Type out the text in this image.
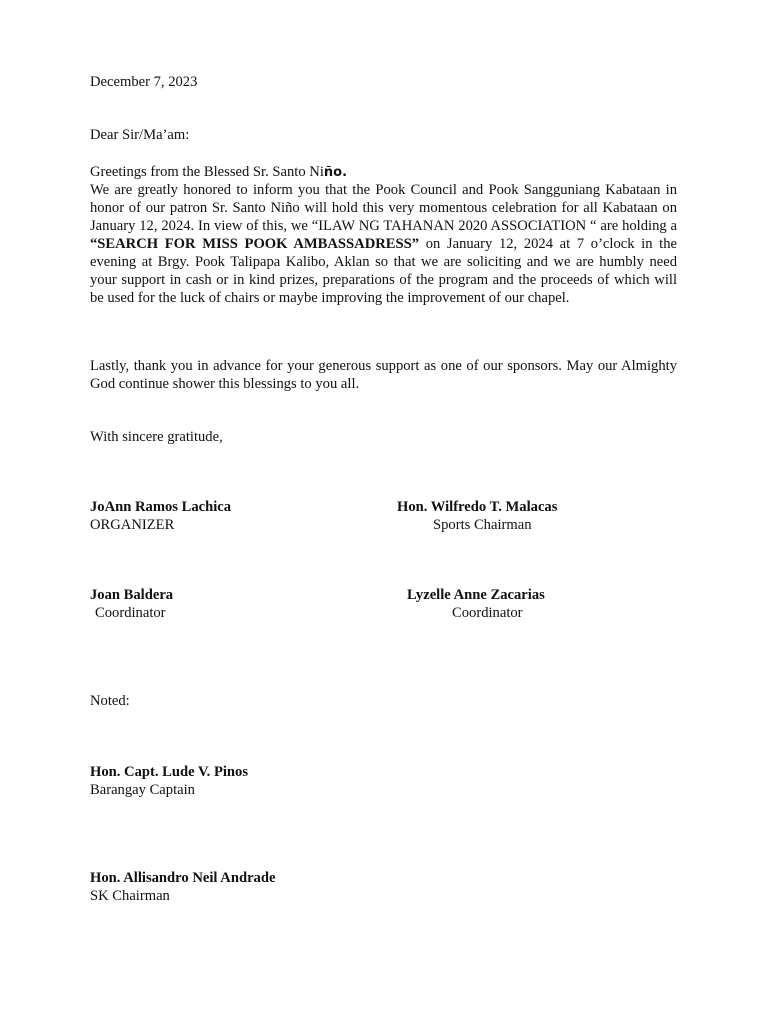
December 7, 2023
Dear Sir/Ma’am:
Greetings from the Blessed Sr. Santo Niño.
We are greatly honored to inform you that the Pook Council and Pook Sangguniang Kabataan in honor of our patron Sr. Santo Niño will hold this very momentous celebration for all Kabataan on January 12, 2024. In view of this, we “ILAW NG TAHANAN 2020 ASSOCIATION “ are holding a “SEARCH FOR MISS POOK AMBASSADRESS” on January 12, 2024 at 7 o’clock in the evening at Brgy. Pook Talipapa Kalibo, Aklan so that we are soliciting and we are humbly need your support in cash or in kind prizes, preparations of the program and the proceeds of which will be used for the luck of chairs or maybe improving the improvement of our chapel.
Lastly, thank you in advance for your generous support as one of our sponsors. May our Almighty God continue shower this blessings to you all.
With sincere gratitude,
JoAnn Ramos Lachica
ORGANIZER
Hon. Wilfredo T. Malacas
Sports Chairman
Joan Baldera
Coordinator
Lyzelle Anne Zacarias
Coordinator
Noted:
Hon. Capt. Lude V. Pinos
Barangay Captain
Hon. Allisandro Neil Andrade
SK Chairman
